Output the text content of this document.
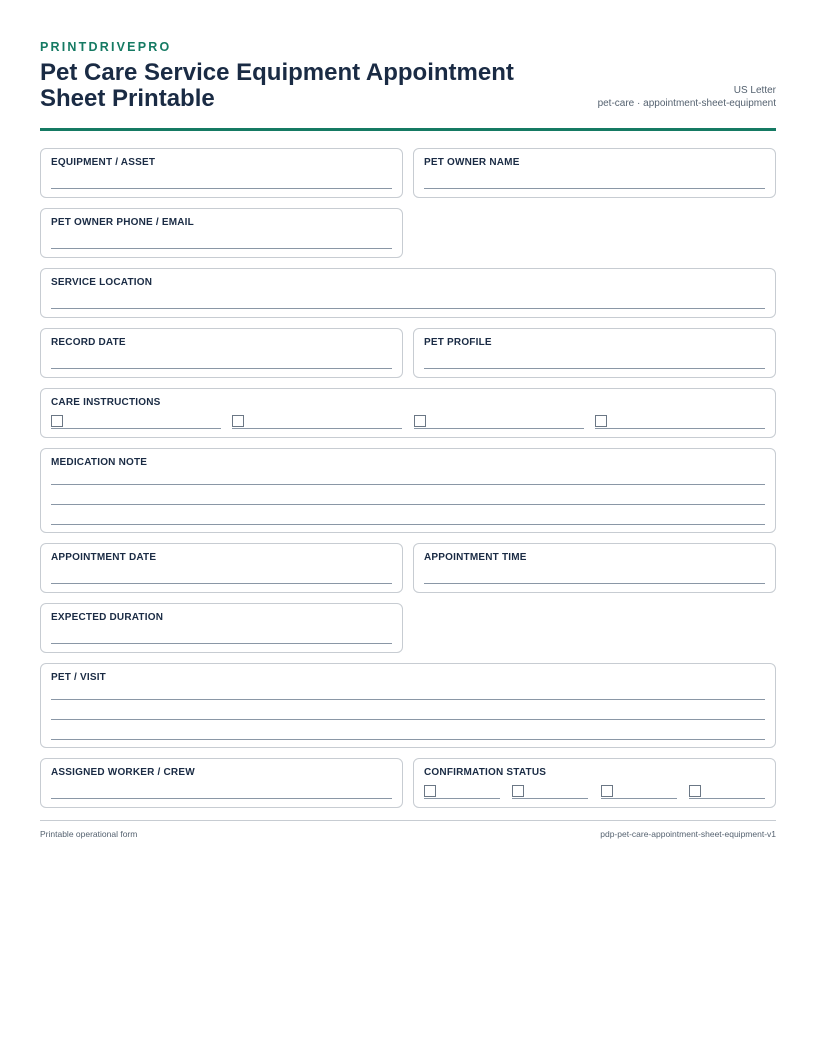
PRINTDRIVEPRO

Pet Care Service Equipment Appointment Sheet Printable	US Letter
pet-care · appointment-sheet-equipment
EQUIPMENT / ASSET	PET OWNER NAME
PET OWNER PHONE / EMAIL
SERVICE LOCATION
RECORD DATE	PET PROFILE
CARE INSTRUCTIONS
MEDICATION NOTE
APPOINTMENT DATE	APPOINTMENT TIME
EXPECTED DURATION
PET / VISIT
ASSIGNED WORKER / CREW	CONFIRMATION STATUS
Printable operational form	pdp-pet-care-appointment-sheet-equipment-v1
